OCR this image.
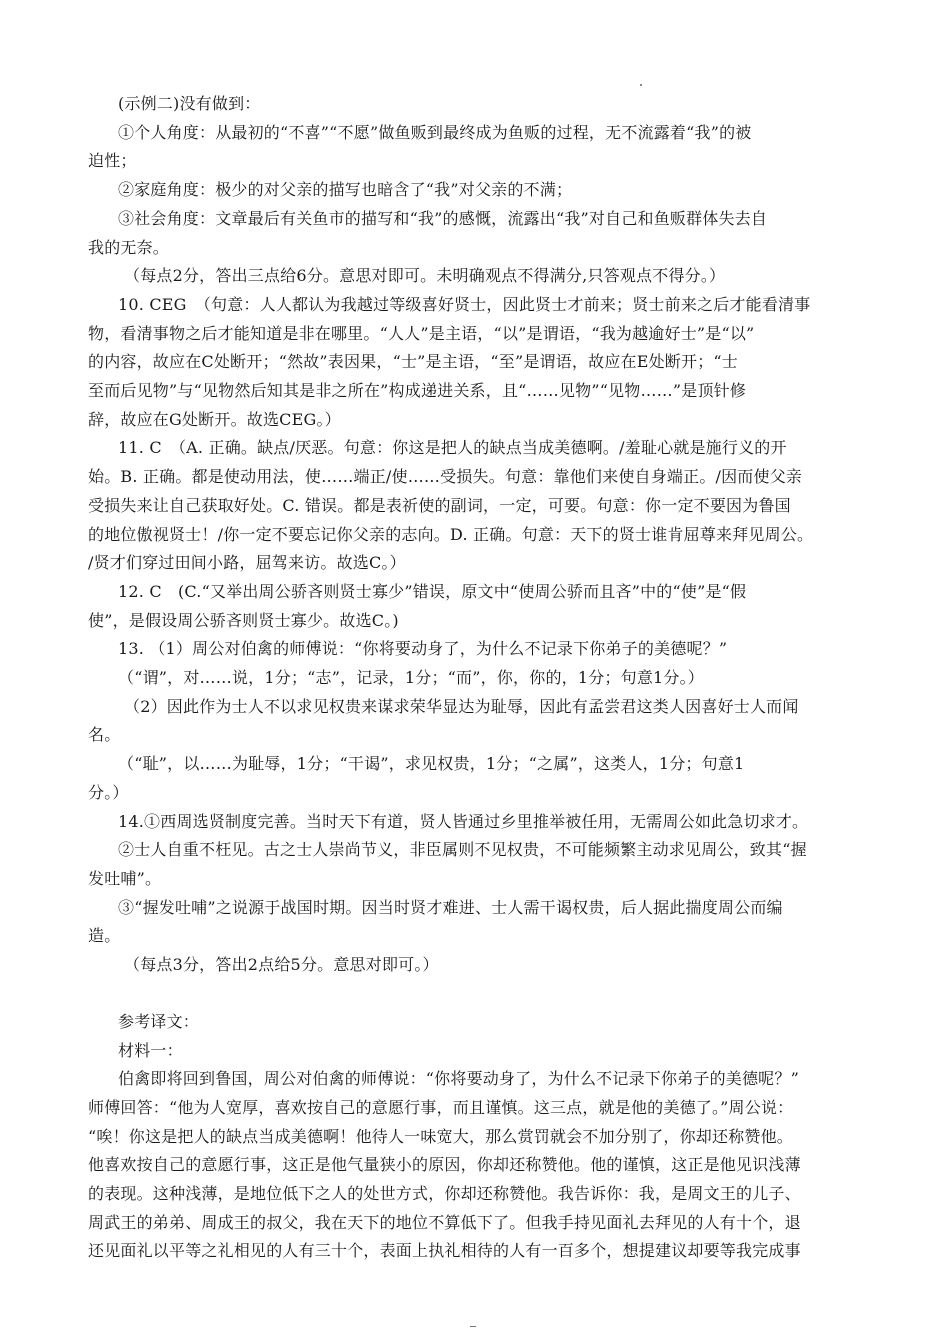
(示例二)没有做到：
①个人角度：从最初的“不喜”“不愿”做鱼贩到最终成为鱼贩的过程，无不流露着“我”的被
迫性；
②家庭角度：极少的对父亲的描写也暗含了“我”对父亲的不满；
③社会角度：文章最后有关鱼市的描写和“我”的感慨，流露出“我”对自己和鱼贩群体失去自
我的无奈。
（每点2分，答出三点给6分。意思对即可。未明确观点不得满分,只答观点不得分。）
10. CEG　（句意：人人都认为我越过等级喜好贤士，因此贤士才前来；贤士前来之后才能看清事
物，看清事物之后才能知道是非在哪里。“人人”是主语，“以”是谓语，“我为越逾好士”是“以”
的内容，故应在C处断开；“然故”表因果，“士”是主语，“至”是谓语，故应在E处断开；“士
至而后见物”与“见物然后知其是非之所在”构成递进关系，且“……见物”“见物……”是顶针修
辞，故应在G处断开。故选CEG。）
11. C　（A. 正确。缺点/厌恶。句意：你这是把人的缺点当成美德啊。/羞耻心就是施行义的开
始。B. 正确。都是使动用法，使……端正/使……受损失。句意：靠他们来使自身端正。/因而使父亲
受损失来让自己获取好处。C. 错误。都是表祈使的副词，一定，可要。句意：你一定不要因为鲁国
的地位傲视贤士！/你一定不要忘记你父亲的志向。D. 正确。句意：天下的贤士谁肯屈尊来拜见周公。
/贤才们穿过田间小路，屈驾来访。故选C。）
12. C　(C.“又举出周公骄吝则贤士寡少”错误，原文中“使周公骄而且吝”中的“使”是“假
使”，是假设周公骄吝则贤士寡少。故选C。)
13. （1）周公对伯禽的师傅说：“你将要动身了，为什么不记录下你弟子的美德呢？”
（“谓”，对……说，1分；“志”，记录，1分；“而”，你，你的，1分；句意1分。）
（2）因此作为士人不以求见权贵来谋求荣华显达为耻辱，因此有孟尝君这类人因喜好士人而闻
名。
（“耻”，以……为耻辱，1分；“干谒”，求见权贵，1分；“之属”，这类人，1分；句意1
分。）
14.①西周选贤制度完善。当时天下有道，贤人皆通过乡里推举被任用，无需周公如此急切求才。
②士人自重不枉见。古之士人崇尚节义，非臣属则不见权贵，不可能频繁主动求见周公，致其“握
发吐哺”。
③“握发吐哺”之说源于战国时期。因当时贤才难进、士人需干谒权贵，后人据此揣度周公而编
造。
（每点3分，答出2点给5分。意思对即可。）
参考译文：
材料一：
伯禽即将回到鲁国，周公对伯禽的师傅说：“你将要动身了，为什么不记录下你弟子的美德呢？”
师傅回答：“他为人宽厚，喜欢按自己的意愿行事，而且谨慎。这三点，就是他的美德了。”周公说：
“唉！你这是把人的缺点当成美德啊！他待人一味宽大，那么赏罚就会不加分别了，你却还称赞他。
他喜欢按自己的意愿行事，这正是他气量狭小的原因，你却还称赞他。他的谨慎，这正是他见识浅薄
的表现。这种浅薄，是地位低下之人的处世方式，你却还称赞他。我告诉你：我，是周文王的儿子、
周武王的弟弟、周成王的叔父，我在天下的地位不算低下了。但我手持见面礼去拜见的人有十个，退
还见面礼以平等之礼相见的人有三十个，表面上执礼相待的人有一百多个，想提建议却要等我完成事
